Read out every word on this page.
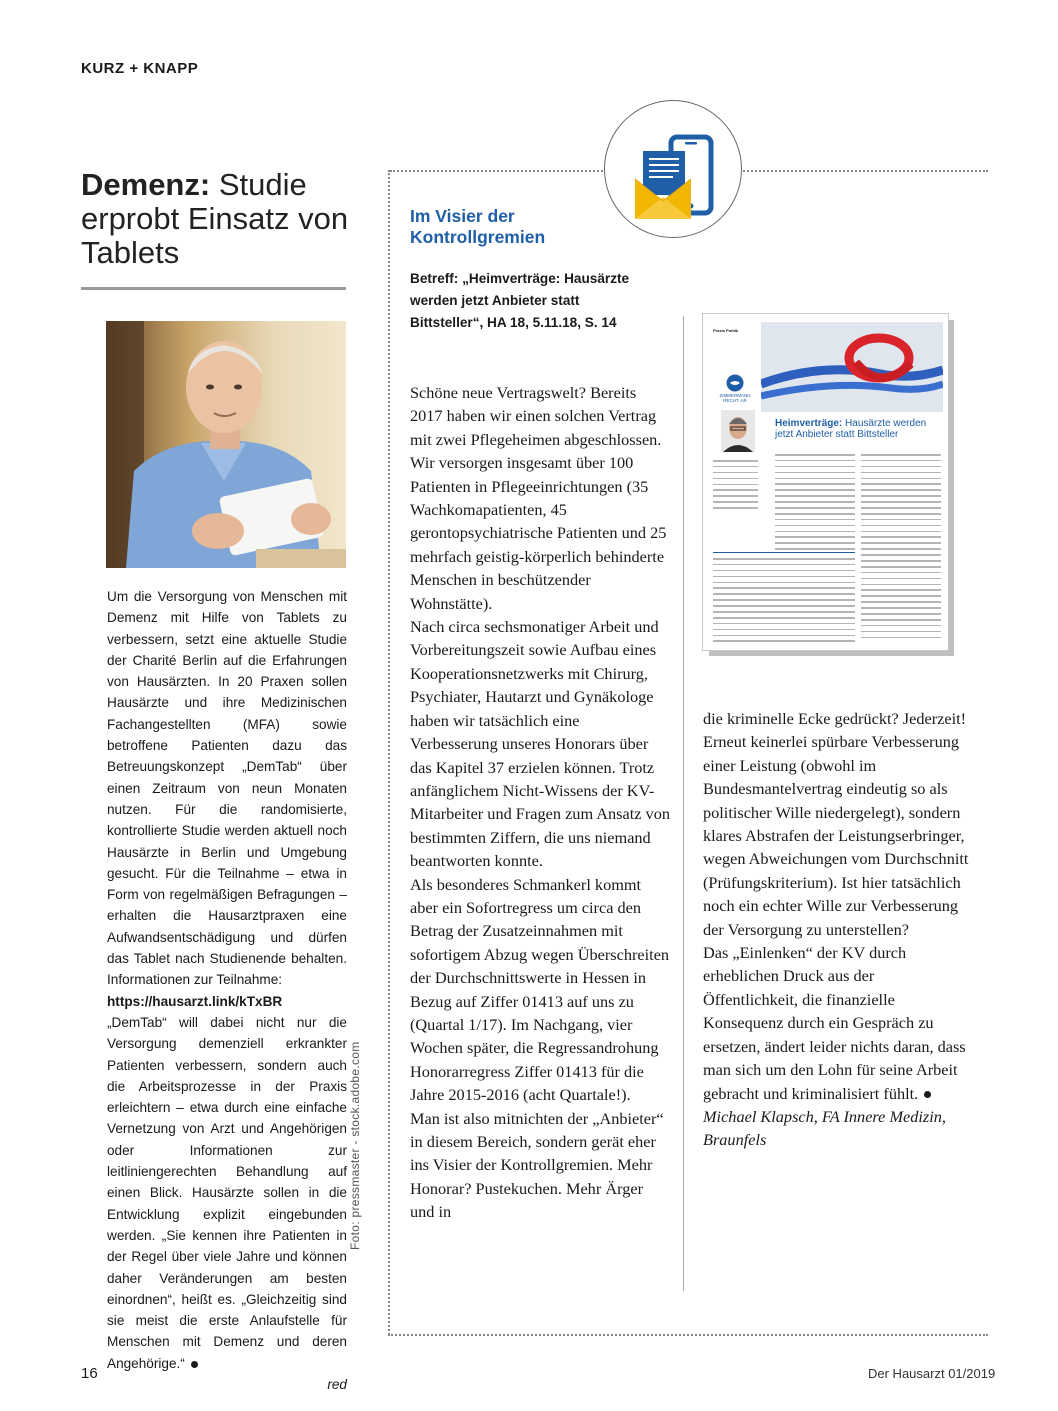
KURZ + KNAPP
Demenz: Studie erprobt Einsatz von Tablets

Um die Versorgung von Menschen mit Demenz mit Hilfe von Tablets zu verbessern, setzt eine aktuelle Studie der Charité Berlin auf die Erfahrungen von Hausärzten. In 20 Praxen sollen Hausärzte und ihre Medizinischen Fachangestellten (MFA) sowie betroffene Patienten dazu das Betreuungskonzept „DemTab“ über einen Zeitraum von neun Monaten nutzen. Für die randomisierte, kontrollierte Studie werden aktuell noch Hausärzte in Berlin und Umgebung gesucht. Für die Teilnahme – etwa in Form von regelmäßigen Befragungen – erhalten die Hausarztpraxen eine Aufwandsentschädigung und dürfen das Tablet nach Studienende behalten. Informationen zur Teilnahme:

https://hausarzt.link/kTxBR

„DemTab“ will dabei nicht nur die Versorgung demenziell erkrankter Patienten verbessern, sondern auch die Arbeitsprozesse in der Praxis erleichtern – etwa durch eine einfache Vernetzung von Arzt und Angehörigen oder Informationen zur leitliniengerechten Behandlung auf einen Blick. Hausärzte sollen in die Entwicklung explizit eingebunden werden. „Sie kennen ihre Patienten in der Regel über viele Jahre und können daher Veränderungen am besten einordnen“, heißt es. „Gleichzeitig sind sie meist die erste Anlaufstelle für Menschen mit Demenz und deren Angehörige.“

red
Foto: pressmaster - stock.adobe.com
Im Visier der Kontrollgremien
Betreff: „Heimverträge: Hausärzte werden jetzt Anbieter statt Bittsteller“, HA 18, 5.11.18, S. 14

Schöne neue Vertragswelt? Bereits 2017 haben wir einen solchen Vertrag mit zwei Pflegeheimen abgeschlossen. Wir versorgen insgesamt über 100 Patienten in Pflegeeinrichtungen (35 Wachkomapatienten, 45 gerontopsychiatrische Patienten und 25 mehrfach geistig-körperlich behinderte Menschen in beschützender Wohnstätte).

Nach circa sechsmonatiger Arbeit und Vorbereitungszeit sowie Aufbau eines Kooperationsnetzwerks mit Chirurg, Psychiater, Hautarzt und Gynäkologe haben wir tatsächlich eine Verbesserung unseres Honorars über das Kapitel 37 erzielen können. Trotz anfänglichem Nicht-Wissens der KV-Mitarbeiter und Fragen zum Ansatz von bestimmten Ziffern, die uns niemand beantworten konnte.

Als besonderes Schmankerl kommt aber ein Sofortregress um circa den Betrag der Zusatzeinnahmen mit sofortigem Abzug wegen Überschreiten der Durchschnittswerte in Hessen in Bezug auf Ziffer 01413 auf uns zu (Quartal 1/17). Im Nachgang, vier Wochen später, die Regressandrohung Honorarregress Ziffer 01413 für die Jahre 2015-2016 (acht Quartale!).

Man ist also mitnichten der „Anbieter“ in diesem Bereich, sondern gerät eher ins Visier der Kontrollgremien. Mehr Honorar? Pustekuchen. Mehr Ärger und in

Praxis Politik
ZIMMERMANN
RECHT. AR
Heimverträge: Hausärzte werden jetzt Anbieter statt Bittsteller

die kriminelle Ecke gedrückt? Jederzeit! Erneut keinerlei spürbare Verbesserung einer Leistung (obwohl im Bundesmantelvertrag eindeutig so als politischer Wille niedergelegt), sondern klares Abstrafen der Leistungserbringer, wegen Abweichungen vom Durchschnitt (Prüfungskriterium). Ist hier tatsächlich noch ein echter Wille zur Verbesserung der Versorgung zu unterstellen?

Das „Einlenken“ der KV durch erheblichen Druck aus der Öffentlichkeit, die finanzielle Konsequenz durch ein Gespräch zu ersetzen, ändert leider nichts daran, dass man sich um den Lohn für seine Arbeit gebracht und kriminalisiert fühlt.

Michael Klapsch, FA Innere Medizin, Braunfels

16	Der Hausarzt 01/2019
